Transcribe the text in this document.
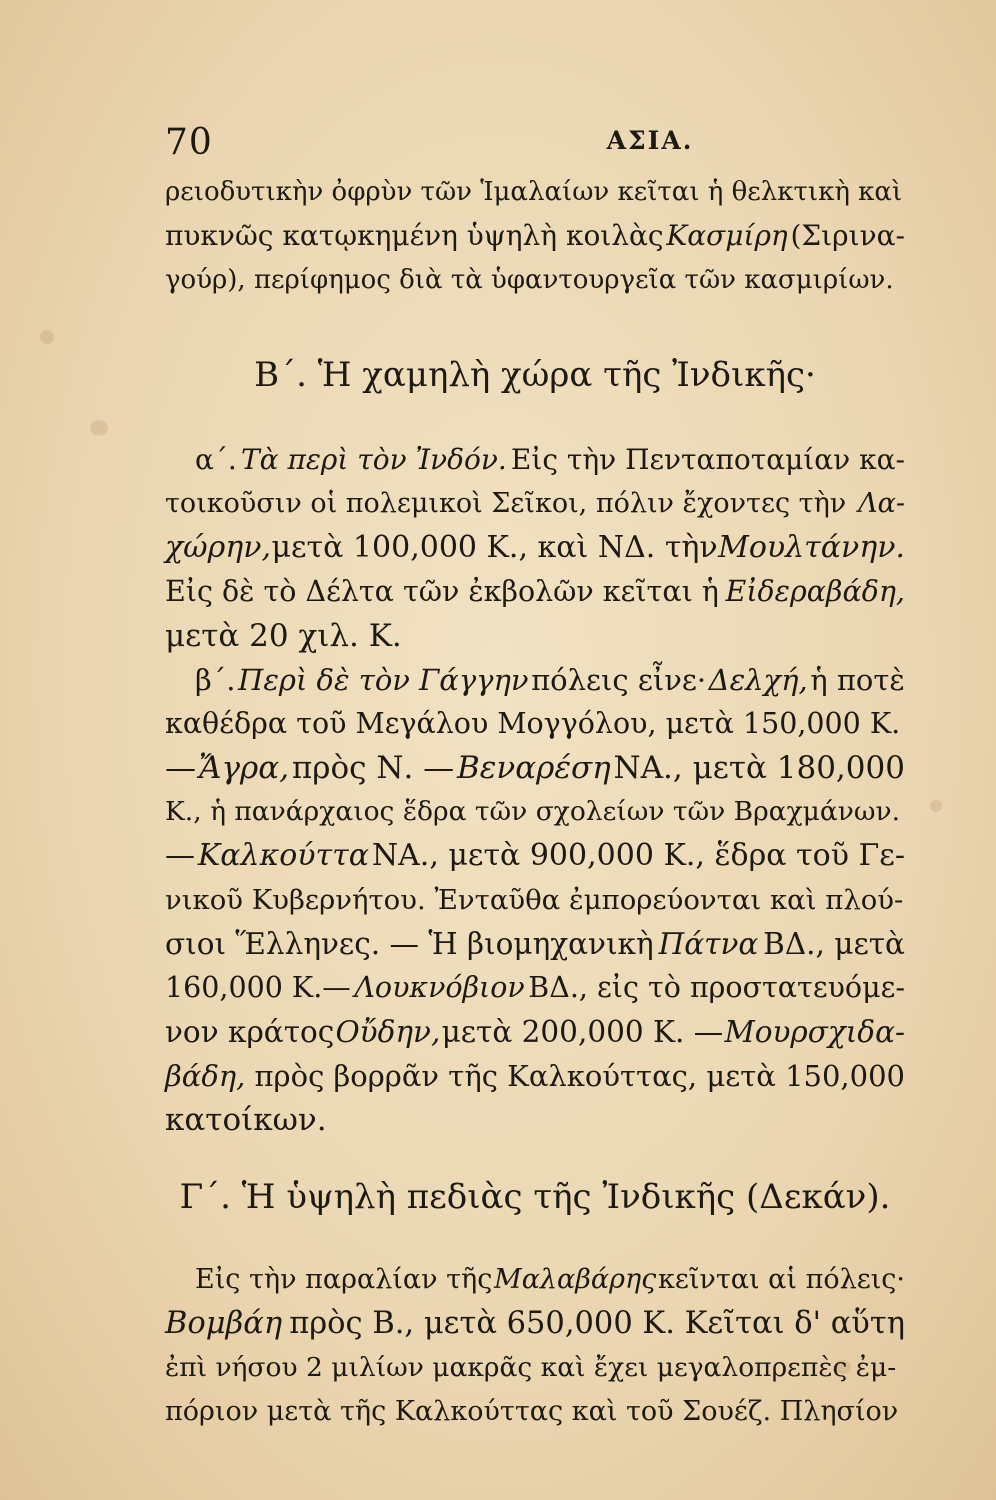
70	ΑΣΙΑ.
ρειοδυτικὴν ὀφρὺν τῶν Ἱμαλαίων κεῖται ἡ θελκτικὴ καὶ
πυκνῶς κατῳκημένη ὑψηλὴ κοιλὰς Κασμίρη (Σιρινα-
γούρ), περίφημος διὰ τὰ ὑφαντουργεῖα τῶν κασμιρίων.
Β΄. Ἡ χαμηλὴ χώρα τῆς Ἰνδικῆς·
α΄. Τὰ περὶ τὸν Ἰνδόν. Εἰς τὴν Πενταποταμίαν κα-
τοικοῦσιν οἱ πολεμικοὶ Σεῖκοι, πόλιν ἔχοντες τὴν Λα-
χώρην, μετὰ 100,000 Κ., καὶ ΝΔ. τὴν Μουλτάνην.
Εἰς δὲ τὸ Δέλτα τῶν ἐκβολῶν κεῖται ἡ Εἰδεραβάδη,
μετὰ 20 χιλ. Κ.
β΄. Περὶ δὲ τὸν Γάγγην πόλεις εἶνε· Δελχή, ἡ ποτὲ
καθέδρα τοῦ Μεγάλου Μογγόλου, μετὰ 150,000 Κ.
— Ἄγρα, πρὸς Ν. — Βεναρέση ΝΑ., μετὰ 180,000
Κ., ἡ πανάρχαιος ἕδρα τῶν σχολείων τῶν Βραχμάνων.
— Καλκούττα ΝΑ., μετὰ 900,000 Κ., ἕδρα τοῦ Γε-
νικοῦ Κυβερνήτου. Ἐνταῦθα ἐμπορεύονται καὶ πλού-
σιοι Ἕλληνες. — Ἡ βιομηχανικὴ Πάτνα ΒΔ., μετὰ
160,000 Κ.— Λουκνόβιον ΒΔ., εἰς τὸ προστατευόμε-
νον κράτος Οὔδην, μετὰ 200,000 Κ. — Μουρσχιδα-
βάδη, πρὸς βορρᾶν τῆς Καλκούττας, μετὰ 150,000
κατοίκων.
Γ΄. Ἡ ὑψηλὴ πεδιὰς τῆς Ἰνδικῆς (Δεκάν).
Εἰς τὴν παραλίαν τῆς Μαλαβάρης κεῖνται αἱ πόλεις·
Βομβάη πρὸς Β., μετὰ 650,000 Κ. Κεῖται δ' αὕτη
ἐπὶ νήσου 2 μιλίων μακρᾶς καὶ ἔχει μεγαλοπρεπὲς ἐμ-
πόριον μετὰ τῆς Καλκούττας καὶ τοῦ Σουέζ. Πλησίον
